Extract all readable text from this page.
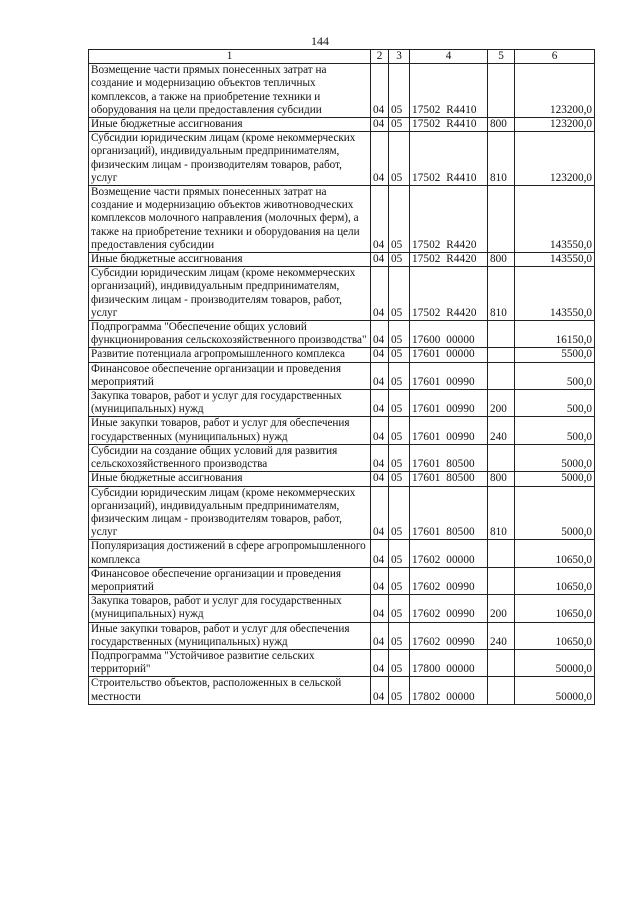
144
1	2	3	4	5	6
Возмещение части прямых понесенных затрат на создание и модернизацию объектов тепличных комплексов, а также на приобретение техники и оборудования на цели предоставления субсидии	04	05	17502  R4410		123200,0
Иные бюджетные ассигнования	04	05	17502  R4410	800	123200,0
Субсидии юридическим лицам (кроме некоммерческих организаций), индивидуальным предпринимателям, физическим лицам - производителям товаров, работ, услуг	04	05	17502  R4410	810	123200,0
Возмещение части прямых понесенных затрат на создание и модернизацию объектов животноводческих комплексов молочного направления (молочных ферм), а также на приобретение техники и оборудования на цели предоставления субсидии	04	05	17502  R4420		143550,0
Иные бюджетные ассигнования	04	05	17502  R4420	800	143550,0
Субсидии юридическим лицам (кроме некоммерческих организаций), индивидуальным предпринимателям, физическим лицам - производителям товаров, работ, услуг	04	05	17502  R4420	810	143550,0
Подпрограмма "Обеспечение общих условий функционирования сельскохозяйственного производства"	04	05	17600  00000		16150,0
Развитие потенциала агропромышленного комплекса	04	05	17601  00000		5500,0
Финансовое обеспечение организации и проведения мероприятий	04	05	17601  00990		500,0
Закупка товаров, работ и услуг для государственных (муниципальных) нужд	04	05	17601  00990	200	500,0
Иные закупки товаров, работ и услуг для обеспечения государственных (муниципальных) нужд	04	05	17601  00990	240	500,0
Субсидии на создание общих условий для развития сельскохозяйственного производства	04	05	17601  80500		5000,0
Иные бюджетные ассигнования	04	05	17601  80500	800	5000,0
Субсидии юридическим лицам (кроме некоммерческих организаций), индивидуальным предпринимателям, физическим лицам - производителям товаров, работ, услуг	04	05	17601  80500	810	5000,0
Популяризация достижений в сфере агропромышленного комплекса	04	05	17602  00000		10650,0
Финансовое обеспечение организации и проведения мероприятий	04	05	17602  00990		10650,0
Закупка товаров, работ и услуг для государственных (муниципальных) нужд	04	05	17602  00990	200	10650,0
Иные закупки товаров, работ и услуг для обеспечения государственных (муниципальных) нужд	04	05	17602  00990	240	10650,0
Подпрограмма "Устойчивое развитие сельских территорий"	04	05	17800  00000		50000,0
Строительство объектов, расположенных в сельской местности	04	05	17802  00000		50000,0
